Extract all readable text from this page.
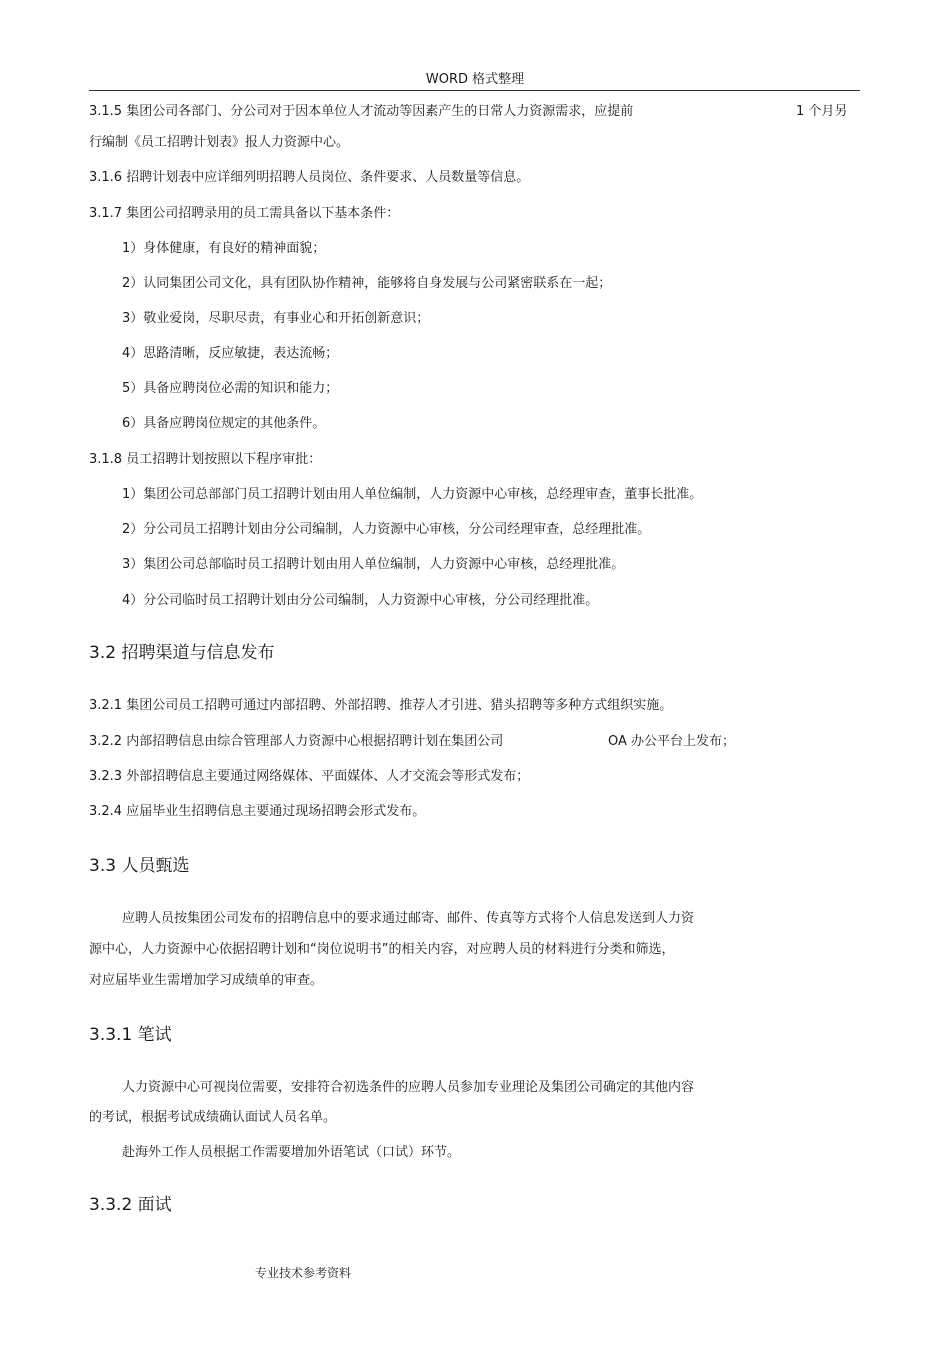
WORD 格式整理
3.1.5 集团公司各部门、分公司对于因本单位人才流动等因素产生的日常人力资源需求，应提前	1 个月另
行编制《员工招聘计划表》报人力资源中心。
3.1.6 招聘计划表中应详细列明招聘人员岗位、条件要求、人员数量等信息。
3.1.7 集团公司招聘录用的员工需具备以下基本条件：
1）身体健康，有良好的精神面貌；
2）认同集团公司文化，具有团队协作精神，能够将自身发展与公司紧密联系在一起；
3）敬业爱岗，尽职尽责，有事业心和开拓创新意识；
4）思路清晰，反应敏捷，表达流畅；
5）具备应聘岗位必需的知识和能力；
6）具备应聘岗位规定的其他条件。
3.1.8 员工招聘计划按照以下程序审批：
1）集团公司总部部门员工招聘计划由用人单位编制，人力资源中心审核，总经理审查，董事长批准。
2）分公司员工招聘计划由分公司编制，人力资源中心审核，分公司经理审查，总经理批准。
3）集团公司总部临时员工招聘计划由用人单位编制，人力资源中心审核，总经理批准。
4）分公司临时员工招聘计划由分公司编制，人力资源中心审核，分公司经理批准。
3.2 招聘渠道与信息发布
3.2.1 集团公司员工招聘可通过内部招聘、外部招聘、推荐人才引进、猎头招聘等多种方式组织实施。
3.2.2 内部招聘信息由综合管理部人力资源中心根据招聘计划在集团公司	OA 办公平台上发布；
3.2.3 外部招聘信息主要通过网络媒体、平面媒体、人才交流会等形式发布；
3.2.4 应届毕业生招聘信息主要通过现场招聘会形式发布。
3.3 人员甄选
应聘人员按集团公司发布的招聘信息中的要求通过邮寄、邮件、传真等方式将个人信息发送到人力资
源中心，人力资源中心依据招聘计划和“岗位说明书”的相关内容，对应聘人员的材料进行分类和筛选，
对应届毕业生需增加学习成绩单的审查。
3.3.1 笔试
人力资源中心可视岗位需要，安排符合初选条件的应聘人员参加专业理论及集团公司确定的其他内容
的考试，根据考试成绩确认面试人员名单。
赴海外工作人员根据工作需要增加外语笔试（口试）环节。
3.3.2 面试
专业技术参考资料
